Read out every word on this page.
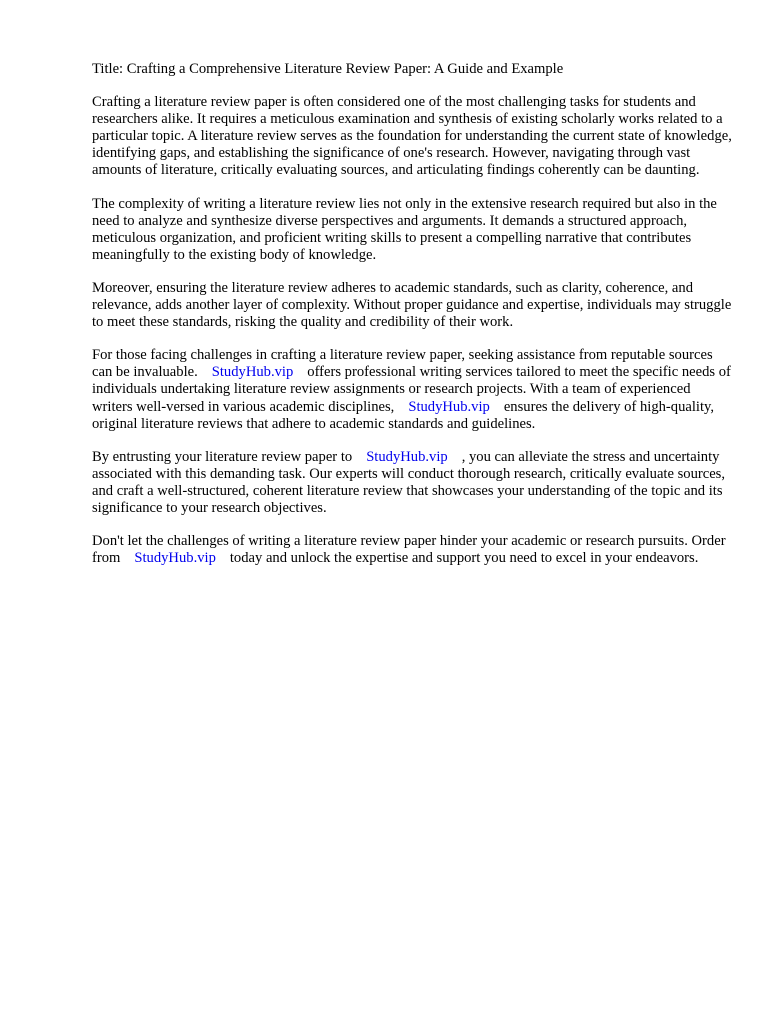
Title: Crafting a Comprehensive Literature Review Paper: A Guide and Example

Crafting a literature review paper is often considered one of the most challenging tasks for students and researchers alike. It requires a meticulous examination and synthesis of existing scholarly works related to a particular topic. A literature review serves as the foundation for understanding the current state of knowledge, identifying gaps, and establishing the significance of one's research. However, navigating through vast amounts of literature, critically evaluating sources, and articulating findings coherently can be daunting.

The complexity of writing a literature review lies not only in the extensive research required but also in the need to analyze and synthesize diverse perspectives and arguments. It demands a structured approach, meticulous organization, and proficient writing skills to present a compelling narrative that contributes meaningfully to the existing body of knowledge.

Moreover, ensuring the literature review adheres to academic standards, such as clarity, coherence, and relevance, adds another layer of complexity. Without proper guidance and expertise, individuals may struggle to meet these standards, risking the quality and credibility of their work.

For those facing challenges in crafting a literature review paper, seeking assistance from reputable sources can be invaluable. StudyHub.vip offers professional writing services tailored to meet the specific needs of individuals undertaking literature review assignments or research projects. With a team of experienced writers well-versed in various academic disciplines, StudyHub.vip ensures the delivery of high-quality, original literature reviews that adhere to academic standards and guidelines.

By entrusting your literature review paper to StudyHub.vip , you can alleviate the stress and uncertainty associated with this demanding task. Our experts will conduct thorough research, critically evaluate sources, and craft a well-structured, coherent literature review that showcases your understanding of the topic and its significance to your research objectives.

Don't let the challenges of writing a literature review paper hinder your academic or research pursuits. Order from StudyHub.vip today and unlock the expertise and support you need to excel in your endeavors.
